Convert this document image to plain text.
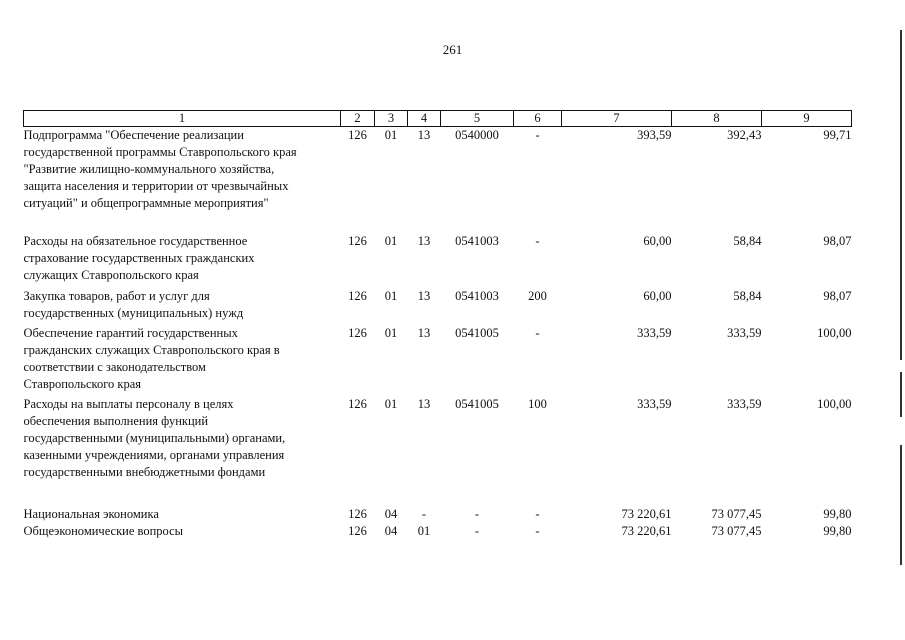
261
1	2	3	4	5	6	7	8	9

Подпрограмма "Обеспечение реализации
государственной программы Ставропольского края
"Развитие жилищно-коммунального хозяйства,
защита населения и территории от чрезвычайных
ситуаций" и общепрограммные мероприятия"	126	01	13	0540000	-	393,59	392,43	99,71

Расходы на обязательное государственное
страхование государственных гражданских
служащих Ставропольского края	126	01	13	0541003	-	60,00	58,84	98,07

Закупка товаров, работ и услуг для
государственных (муниципальных) нужд	126	01	13	0541003	200	60,00	58,84	98,07

Обеспечение гарантий государственных
гражданских служащих Ставропольского края в
соответствии с законодательством
Ставропольского края	126	01	13	0541005	-	333,59	333,59	100,00

Расходы на выплаты персоналу в целях
обеспечения выполнения функций
государственными (муниципальными) органами,
казенными учреждениями, органами управления
государственными внебюджетными фондами	126	01	13	0541005	100	333,59	333,59	100,00

Национальная экономика	126	04	-	-	-	73 220,61	73 077,45	99,80

Общеэкономические вопросы	126	04	01	-	-	73 220,61	73 077,45	99,80
